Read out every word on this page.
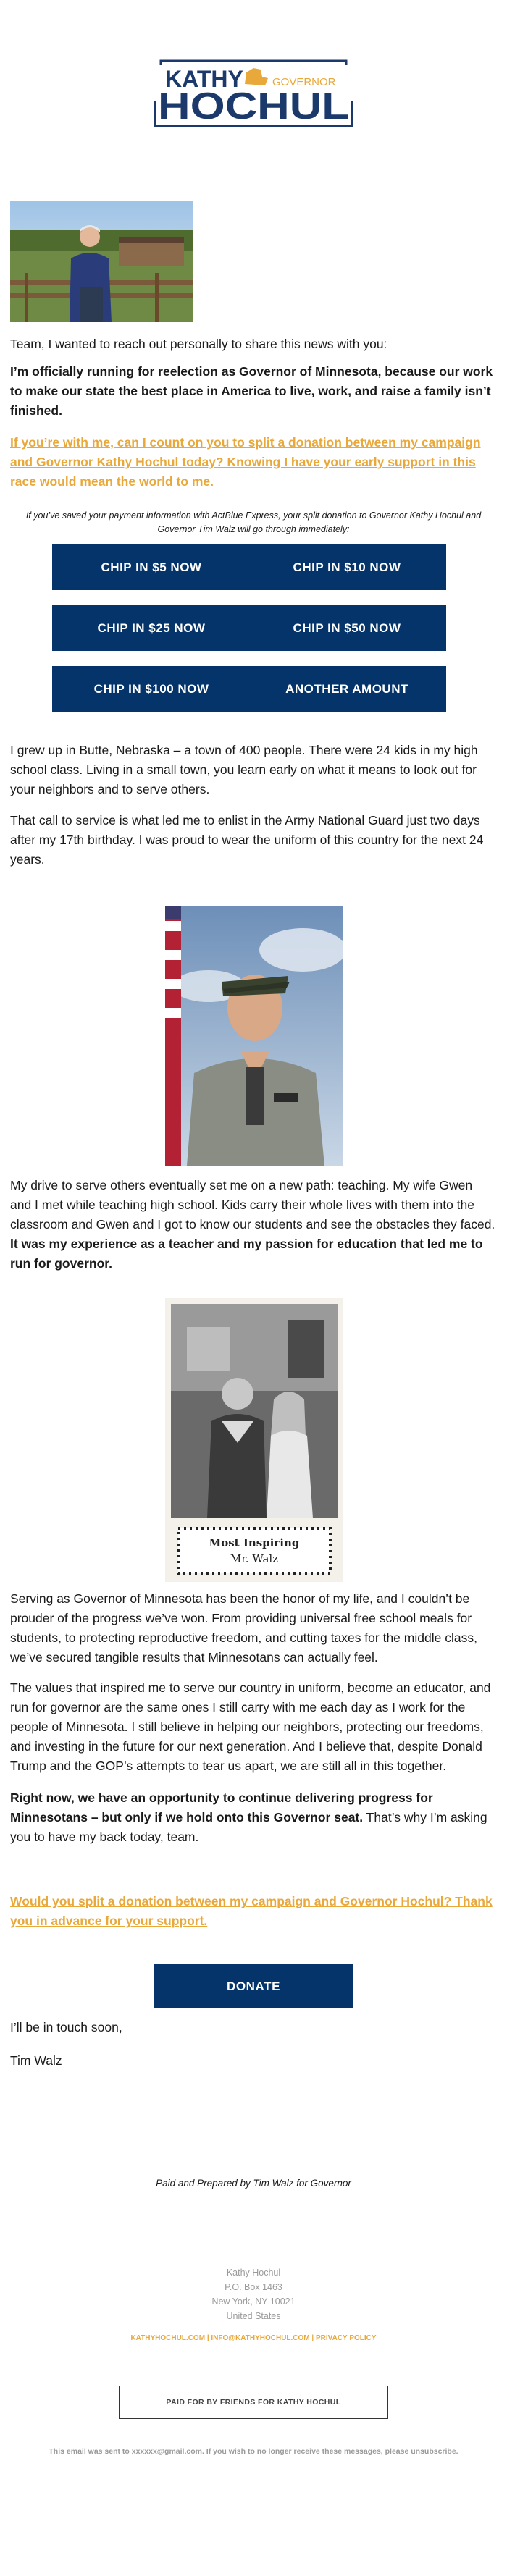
KATHY	GOVERNOR
HOCHUL

Team, I wanted to reach out personally to share this news with you:

I’m officially running for reelection as Governor of Minnesota, because our work to make our state the best place in America to live, work, and raise a family isn’t finished.

If you’re with me, can I count on you to split a donation between my campaign and Governor Kathy Hochul today? Knowing I have your early support in this race would mean the world to me.

If you’ve saved your payment information with ActBlue Express, your split donation to Governor Kathy Hochul and Governor Tim Walz will go through immediately:

CHIP IN $5 NOW	CHIP IN $10 NOW
CHIP IN $25 NOW	CHIP IN $50 NOW
CHIP IN $100 NOW	ANOTHER AMOUNT

I grew up in Butte, Nebraska – a town of 400 people. There were 24 kids in my high school class. Living in a small town, you learn early on what it means to look out for your neighbors and to serve others.

That call to service is what led me to enlist in the Army National Guard just two days after my 17th birthday. I was proud to wear the uniform of this country for the next 24 years.

My drive to serve others eventually set me on a new path: teaching. My wife Gwen and I met while teaching high school. Kids carry their whole lives with them into the classroom and Gwen and I got to know our students and see the obstacles they faced. It was my experience as a teacher and my passion for education that led me to run for governor.

Most Inspiring
Mr. Walz

Serving as Governor of Minnesota has been the honor of my life, and I couldn’t be prouder of the progress we’ve won. From providing universal free school meals for students, to protecting reproductive freedom, and cutting taxes for the middle class, we’ve secured tangible results that Minnesotans can actually feel.

The values that inspired me to serve our country in uniform, become an educator, and run for governor are the same ones I still carry with me each day as I work for the people of Minnesota. I still believe in helping our neighbors, protecting our freedoms, and investing in the future for our next generation. And I believe that, despite Donald Trump and the GOP’s attempts to tear us apart, we are still all in this together.

Right now, we have an opportunity to continue delivering progress for Minnesotans – but only if we hold onto this Governor seat. That’s why I’m asking you to have my back today, team.

Would you split a donation between my campaign and Governor Hochul? Thank you in advance for your support.

DONATE

I’ll be in touch soon,

Tim Walz

Paid and Prepared by Tim Walz for Governor

Kathy Hochul

P.O. Box 1463

New York, NY 10021

United States

KATHYHOCHUL.COM | INFO@KATHYHOCHUL.COM | PRIVACY POLICY

PAID FOR BY FRIENDS FOR KATHY HOCHUL

This email was sent to xxxxxx@gmail.com. If you wish to no longer receive these messages, please unsubscribe.
